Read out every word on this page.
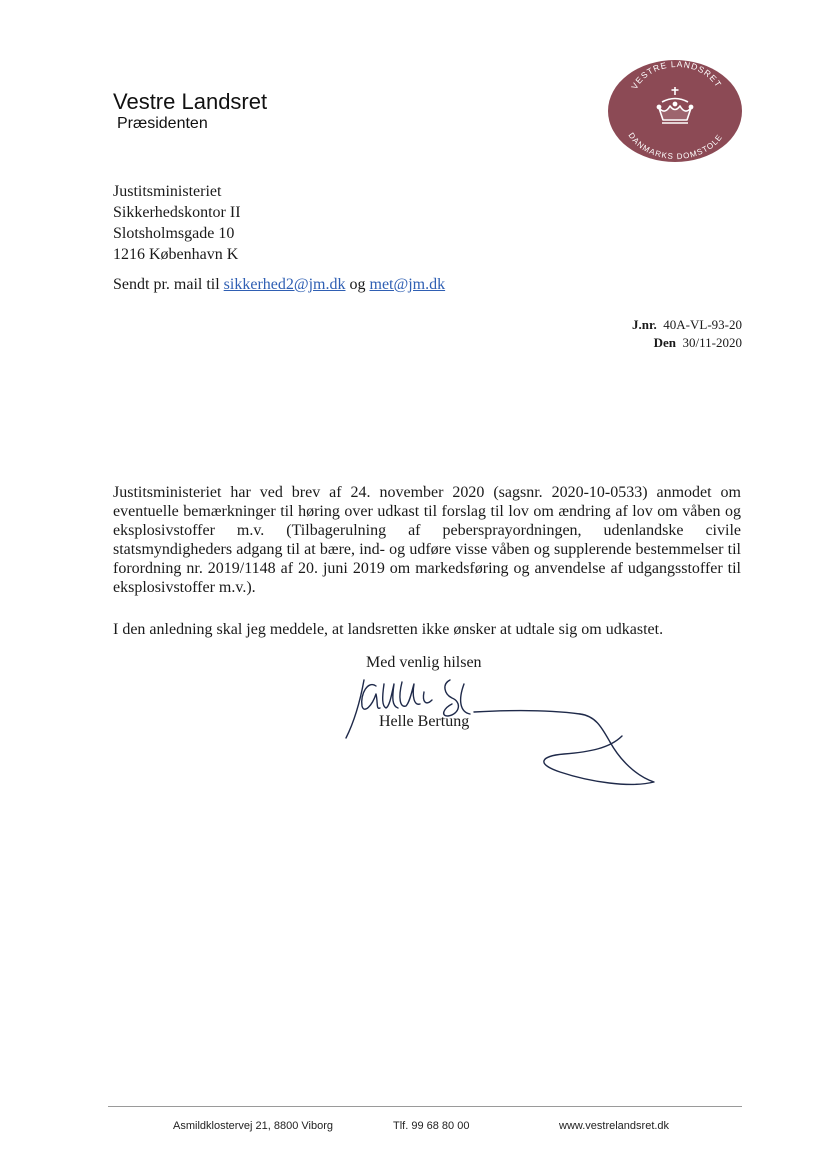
Vestre Landsret
Præsidenten
VESTRE LANDSRET
DANMARKS DOMSTOLE
Justitsministeriet
Sikkerhedskontor II
Slotsholmsgade 10
1216 København K
Sendt pr. mail til sikkerhed2@jm.dk og met@jm.dk
J.nr. 40A-VL-93-20
Den 30/11-2020
Justitsministeriet har ved brev af 24. november 2020 (sagsnr. 2020-10-0533) anmodet om eventuelle bemærkninger til høring over udkast til forslag til lov om ændring af lov om våben og eksplosivstoffer m.v. (Tilbagerulning af pebersprayordningen, udenlandske civile statsmyndigheders adgang til at bære, ind- og udføre visse våben og supplerende bestemmelser til forordning nr. 2019/1148 af 20. juni 2019 om markedsføring og anvendelse af udgangsstoffer til eksplosivstoffer m.v.).
I den anledning skal jeg meddele, at landsretten ikke ønsker at udtale sig om udkastet.
Med venlig hilsen
Helle Bertung
Asmildklostervej 21, 8800 Viborg	Tlf. 99 68 80 00	www.vestrelandsret.dk
